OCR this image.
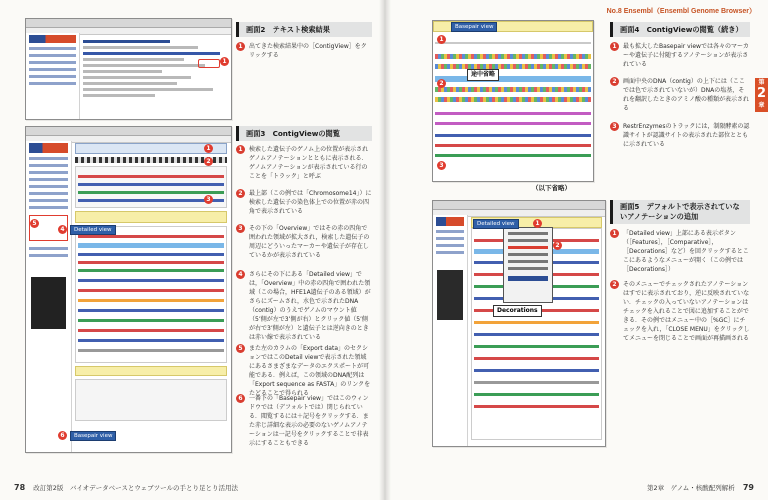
1
Detailed view
Basepair view
1
2
3
4
5
6
画面2　テキスト検索結果
1	出てきた検索結果中の［ContigView］をクリックする
画面3　ContigViewの閲覧
1	検索した遺伝子のゲノム上の位置が表示されゲノムアノテーションとともに表示される．ゲノムアノテーションが表示されている行のことを「トラック」と呼ぶ
2	最上部（この例では「Chromosome14」）に検索した遺伝子の染色体上での位置が赤の四角で表示されている
3	その下の「Overview」ではその赤の四角で囲われた領域が拡大され，検索した遺伝子の周辺にどういったマーカーや遺伝子が存在しているかが表示されている
4	さらにその下にある「Detailed view」では，「Overview」中の赤の四角で囲われた領域（この場合，HFE1A遺伝子のある領域）がさらにズームされ，水色で示されたDNA（contig）のうえでゲノムのマウント値（5’側が左で3’側が右）とクリック値（5’側が右で3’側が左）と遺伝子とは逆向きのときは赤い線で表示されている
5	また左のカラムの「Export data」のセクションではこのDetail viewで表示された領域にあるさまざまなデータのエクスポートが可能である．例えば，この領域のDNA配列は「Export sequence as FASTA」のリンクをたどることで得られる
6	一番下の「Basepair view」ではこのウィンドウでは（デフォルトでは）閉じられている．閲覧するには＋記号をクリックする．また赤じ詳細な表示の必要のないゲノムアノテーションは一記号をクリックすることで非表示にすることもできる
78 改訂第2版　バイオデータベースとウェブツールの手とり足とり活用法
No.8 Ensembl（Ensembl Genome Browser）
第
2
章
Basepair view
途中省略
1
2
3
（以下省略）
Detailed view
Decorations
1
2
画面4　ContigViewの閲覧（続き）
1	最も拡大したBasepair viewでは各々のマーカーや遺伝子に付随するアノテーションが表示されている
2	画面中央のDNA（contig）の上下には（ここでは色で示されていないが）DNAの塩基，それを翻訳したときのアミノ酸の種類が表示される
3	RestrEnzymesのトラックには，制限酵素の認識サイトが認識サイトの表示された部位とともに示されている
画面5　デフォルトで表示されていないアノテーションの追加
1	「Detailed view」上部にある表示ボタン（［Features］，［Comparative］，［Decorations］など）を回クリックするとここにあるようなメニューが開く（この例では［Decorations］）
2	そのメニューでチェックされたアノテーションはすでに表示されており，逆に反映されていない．チェックの入っていないアノテーションはチェックを入れることで図に追加することができる．その例ではメニュー中の［%GC］にチェックを入れ，「CLOSE MENU」をクリックしてメニューを閉じることで画面が再描画される
第2章　ゲノム・核酸配列解析 79
